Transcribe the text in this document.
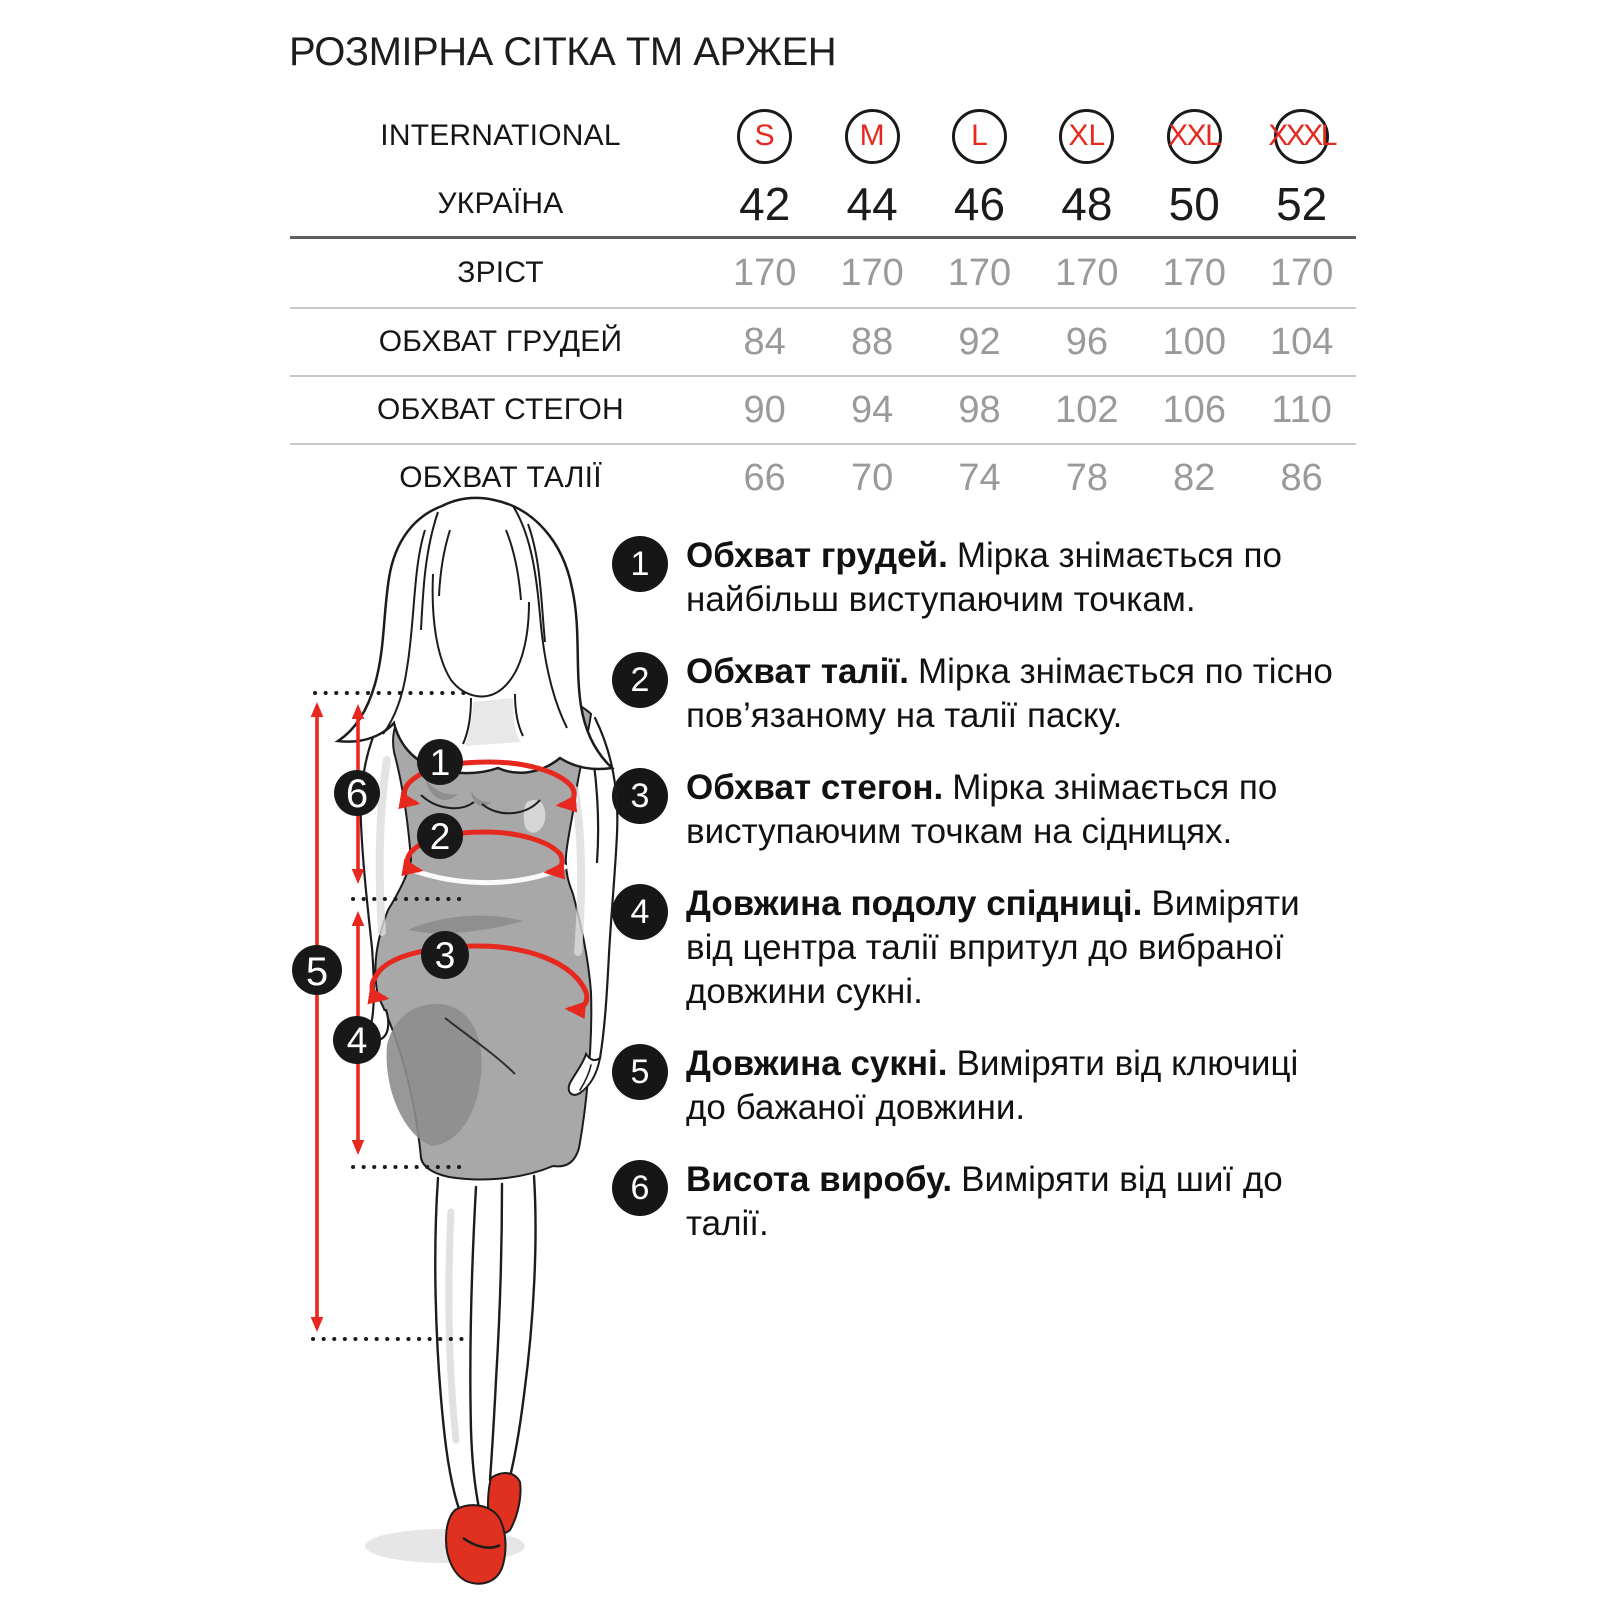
РОЗМІРНА СІТКА ТМ АРЖЕН
INTERNATIONAL	S	M	L	XL XXL XXXL
УКРАЇНА	42	44	46	48	50	52
ЗРІСТ	170	170	170	170	170	170
ОБХВАТ ГРУДЕЙ	84	88	92	96	100	104
ОБХВАТ СТЕГОН	90	94	98	102	106	110
ОБХВАТ ТАЛІЇ	66	70	74	78	82	86
1	Обхват грудей. Мірка знімається по найбільш виступаючим точкам.
2	Обхват талії. Мірка знімається по тісно пов’язаному на талії паску.
3	Обхват стегон. Мірка знімається по виступаючим точкам на сідницях.
4	Довжина подолу спідниці. Виміряти від центра талії впритул до вибраної довжини сукні.
5	Довжина сукні. Виміряти від ключиці до бажаної довжини.
6	Висота виробу. Виміряти від шиї до талії.
1
2
6
3
5
4
